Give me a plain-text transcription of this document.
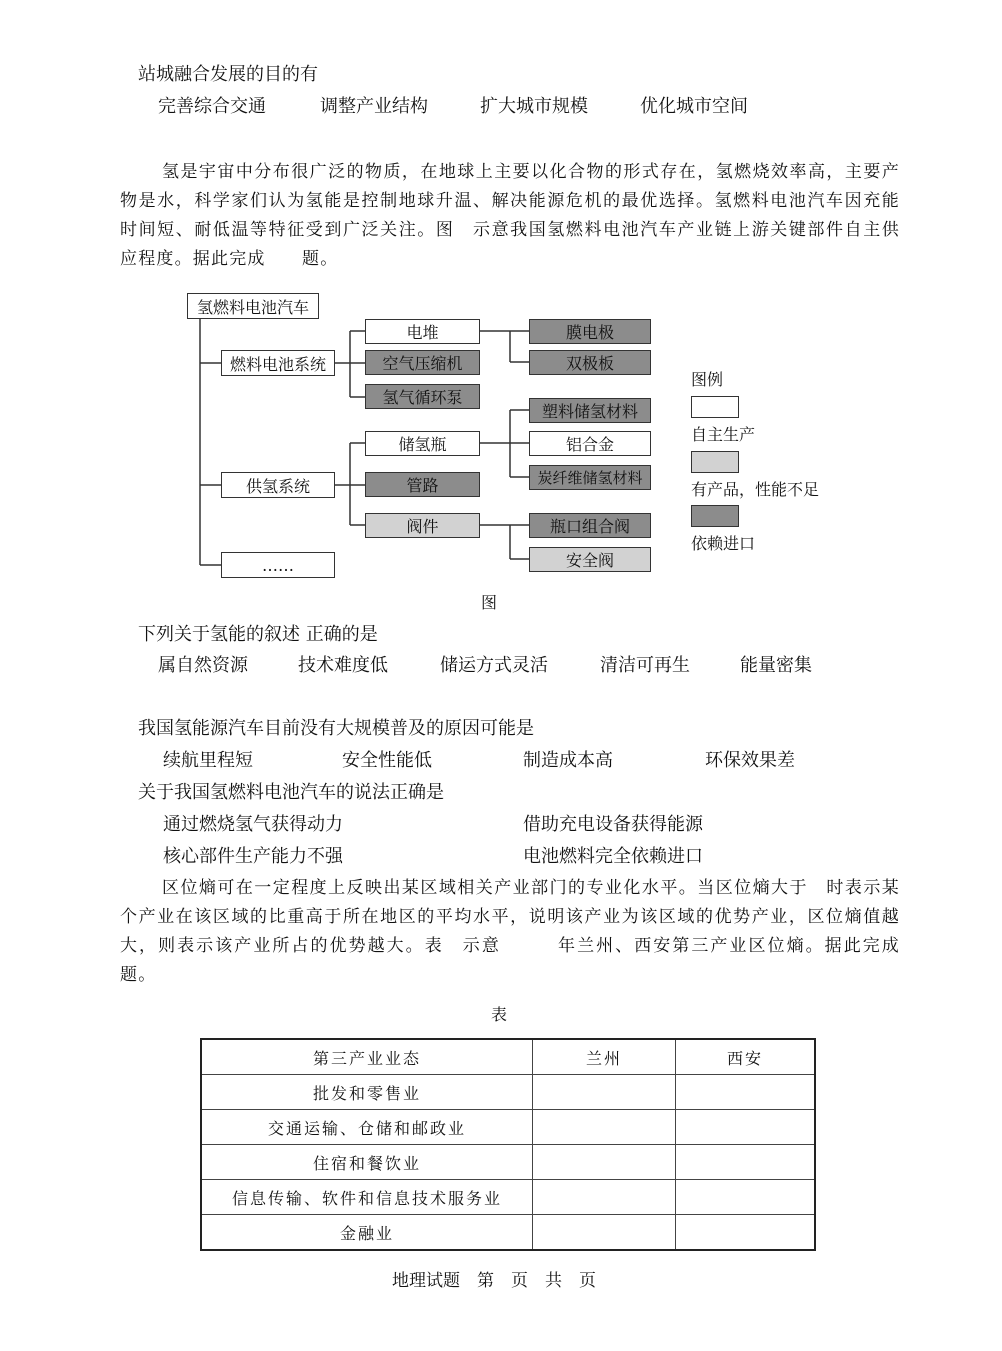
站城融合发展的目的有
完善综合交通	调整产业结构	扩大城市规模	优化城市空间
氢是宇宙中分布很广泛的物质，在地球上主要以化合物的形式存在，氢燃烧效率高，主要产物是水，科学家们认为氢能是控制地球升温、解决能源危机的最优选择。氢燃料电池汽车因充能时间短、耐低温等特征受到广泛关注。图　示意我国氢燃料电池汽车产业链上游关键部件自主供应程度。据此完成　　题。
氢燃料电池汽车
燃料电池系统
电堆
空气压缩机
氢气循环泵
膜电极
双极板
供氢系统
储氢瓶
管路
阀件
塑料储氢材料
铝合金
炭纤维储氢材料
瓶口组合阀
安全阀
……
图例
自主生产
有产品，性能不足
依赖进口
图
下列关于氢能的叙述 正确的是
属自然资源	技术难度低	储运方式灵活	清洁可再生	能量密集
我国氢能源汽车目前没有大规模普及的原因可能是
续航里程短	安全性能低	制造成本高	环保效果差
关于我国氢燃料电池汽车的说法正确是
通过燃烧氢气获得动力	借助充电设备获得能源
核心部件生产能力不强	电池燃料完全依赖进口
区位熵可在一定程度上反映出某区域相关产业部门的专业化水平。当区位熵大于　时表示某个产业在该区域的比重高于所在地区的平均水平，说明该产业为该区域的优势产业，区位熵值越大，则表示该产业所占的优势越大。表　示意　　　年兰州、西安第三产业区位熵。据此完成　　题。
表
第三产业业态	兰州	西安
批发和零售业		
交通运输、仓储和邮政业		
住宿和餐饮业		
信息传输、软件和信息技术服务业		
金融业		
地理试题　第　页　共　页
